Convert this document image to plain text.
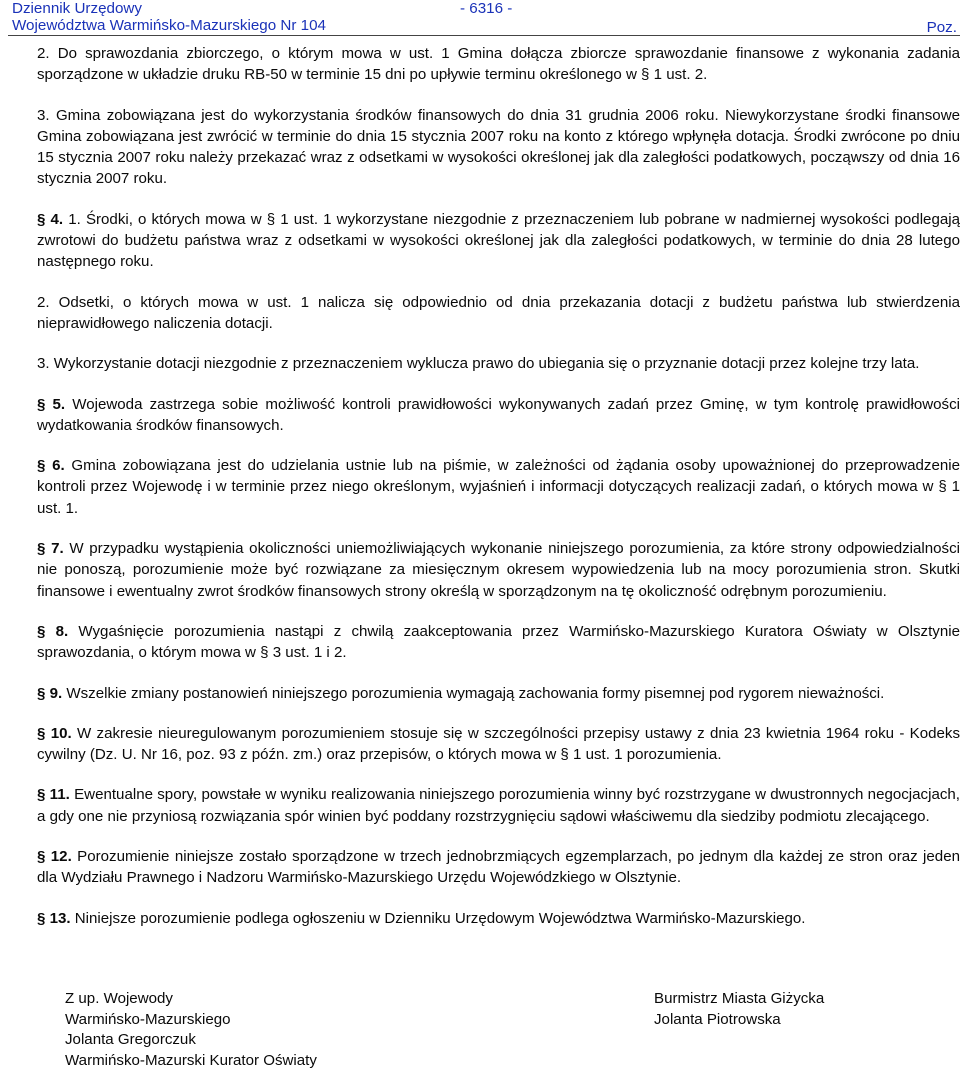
Dziennik Urzędowy
Województwa Warmińsko-Mazurskiego Nr 104
- 6316 -
Poz.

2. Do sprawozdania zbiorczego, o którym mowa w ust. 1 Gmina dołącza zbiorcze sprawozdanie finansowe z wykonania zadania sporządzone w układzie druku RB-50 w terminie 15 dni po upływie terminu określonego w § 1 ust. 2.

3. Gmina zobowiązana jest do wykorzystania środków finansowych do dnia 31 grudnia 2006 roku. Niewykorzystane środki finansowe Gmina zobowiązana jest zwrócić w terminie do dnia 15 stycznia 2007 roku na konto z którego wpłynęła dotacja. Środki zwrócone po dniu 15 stycznia 2007 roku należy przekazać wraz z odsetkami w wysokości określonej jak dla zaległości podatkowych, począwszy od dnia 16 stycznia 2007 roku.

§ 4. 1. Środki, o których mowa w § 1 ust. 1 wykorzystane niezgodnie z przeznaczeniem lub pobrane w nadmiernej wysokości podlegają zwrotowi do budżetu państwa wraz z odsetkami w wysokości określonej jak dla zaległości podatkowych, w terminie do dnia 28 lutego następnego roku.

2. Odsetki, o których mowa w ust. 1 nalicza się odpowiednio od dnia przekazania dotacji z budżetu państwa lub stwierdzenia nieprawidłowego naliczenia dotacji.

3. Wykorzystanie dotacji niezgodnie z przeznaczeniem wyklucza prawo do ubiegania się o przyznanie dotacji przez kolejne trzy lata.

§ 5. Wojewoda zastrzega sobie możliwość kontroli prawidłowości wykonywanych zadań przez Gminę, w tym kontrolę prawidłowości wydatkowania środków finansowych.

§ 6. Gmina zobowiązana jest do udzielania ustnie lub na piśmie, w zależności od żądania osoby upoważnionej do przeprowadzenie kontroli przez Wojewodę i w terminie przez niego określonym, wyjaśnień i informacji dotyczących realizacji zadań, o których mowa w § 1 ust. 1.

§ 7. W przypadku wystąpienia okoliczności uniemożliwiających wykonanie niniejszego porozumienia, za które strony odpowiedzialności nie ponoszą, porozumienie może być rozwiązane za miesięcznym okresem wypowiedzenia lub na mocy porozumienia stron. Skutki finansowe i ewentualny zwrot środków finansowych strony określą w sporządzonym na tę okoliczność odrębnym porozumieniu.

§ 8. Wygaśnięcie porozumienia nastąpi z chwilą zaakceptowania przez Warmińsko-Mazurskiego Kuratora Oświaty w Olsztynie sprawozdania, o którym mowa w § 3 ust. 1 i 2.

§ 9. Wszelkie zmiany postanowień niniejszego porozumienia wymagają zachowania formy pisemnej pod rygorem nieważności.

§ 10. W zakresie nieuregulowanym porozumieniem stosuje się w szczególności przepisy ustawy z dnia 23 kwietnia 1964 roku - Kodeks cywilny (Dz. U. Nr 16, poz. 93 z późn. zm.) oraz przepisów, o których mowa w § 1 ust. 1 porozumienia.

§ 11. Ewentualne spory, powstałe w wyniku realizowania niniejszego porozumienia winny być rozstrzygane w dwustronnych negocjacjach, a gdy one nie przyniosą rozwiązania spór winien być poddany rozstrzygnięciu sądowi właściwemu dla siedziby podmiotu zlecającego.

§ 12. Porozumienie niniejsze zostało sporządzone w trzech jednobrzmiących egzemplarzach, po jednym dla każdej ze stron oraz jeden dla Wydziału Prawnego i Nadzoru Warmińsko-Mazurskiego Urzędu Wojewódzkiego w Olsztynie.

§ 13. Niniejsze porozumienie podlega ogłoszeniu w Dzienniku Urzędowym Województwa Warmińsko-Mazurskiego.

Z up. Wojewody
Warmińsko-Mazurskiego
Jolanta Gregorczuk
Warmińsko-Mazurski Kurator Oświaty
Burmistrz Miasta Giżycka
Jolanta Piotrowska
